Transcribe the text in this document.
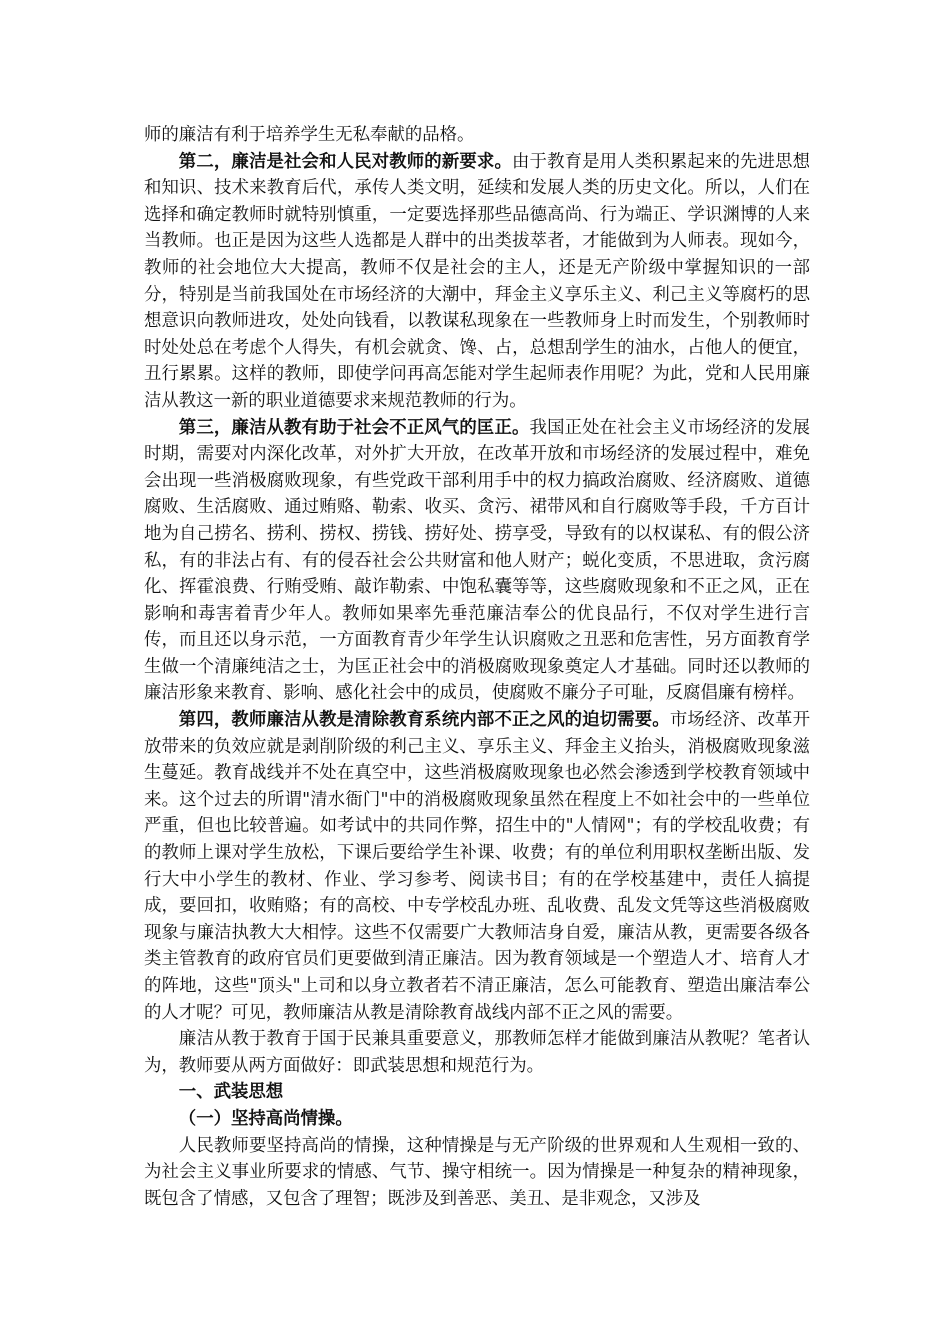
师的廉洁有利于培养学生无私奉献的品格。

第二，廉洁是社会和人民对教师的新要求。由于教育是用人类积累起来的先进思想和知识、技术来教育后代，承传人类文明，延续和发展人类的历史文化。所以，人们在选择和确定教师时就特别慎重，一定要选择那些品德高尚、行为端正、学识渊博的人来当教师。也正是因为这些人选都是人群中的出类拔萃者，才能做到为人师表。现如今，教师的社会地位大大提高，教师不仅是社会的主人，还是无产阶级中掌握知识的一部分，特别是当前我国处在市场经济的大潮中，拜金主义享乐主义、利己主义等腐朽的思想意识向教师进攻，处处向钱看，以教谋私现象在一些教师身上时而发生，个别教师时时处处总在考虑个人得失，有机会就贪、馋、占，总想刮学生的油水，占他人的便宜，丑行累累。这样的教师，即使学问再高怎能对学生起师表作用呢？为此，党和人民用廉洁从教这一新的职业道德要求来规范教师的行为。

第三，廉洁从教有助于社会不正风气的匡正。我国正处在社会主义市场经济的发展时期，需要对内深化改革，对外扩大开放，在改革开放和市场经济的发展过程中，难免会出现一些消极腐败现象，有些党政干部利用手中的权力搞政治腐败、经济腐败、道德腐败、生活腐败、通过贿赂、勒索、收买、贪污、裙带风和自行腐败等手段，千方百计地为自己捞名、捞利、捞权、捞钱、捞好处、捞享受，导致有的以权谋私、有的假公济私，有的非法占有、有的侵吞社会公共财富和他人财产；蜕化变质，不思进取，贪污腐化、挥霍浪费、行贿受贿、敲诈勒索、中饱私囊等等，这些腐败现象和不正之风，正在影响和毒害着青少年人。教师如果率先垂范廉洁奉公的优良品行，不仅对学生进行言传，而且还以身示范，一方面教育青少年学生认识腐败之丑恶和危害性，另方面教育学生做一个清廉纯洁之士，为匡正社会中的消极腐败现象奠定人才基础。同时还以教师的廉洁形象来教育、影响、感化社会中的成员，使腐败不廉分子可耻，反腐倡廉有榜样。

第四，教师廉洁从教是清除教育系统内部不正之风的迫切需要。市场经济、改革开放带来的负效应就是剥削阶级的利己主义、享乐主义、拜金主义抬头，消极腐败现象滋生蔓延。教育战线并不处在真空中，这些消极腐败现象也必然会渗透到学校教育领域中来。这个过去的所谓"清水衙门"中的消极腐败现象虽然在程度上不如社会中的一些单位严重，但也比较普遍。如考试中的共同作弊，招生中的"人情网"；有的学校乱收费；有的教师上课对学生放松，下课后要给学生补课、收费；有的单位利用职权垄断出版、发行大中小学生的教材、作业、学习参考、阅读书目；有的在学校基建中，责任人搞提成，要回扣，收贿赂；有的高校、中专学校乱办班、乱收费、乱发文凭等这些消极腐败现象与廉洁执教大大相悖。这些不仅需要广大教师洁身自爱，廉洁从教，更需要各级各类主管教育的政府官员们更要做到清正廉洁。因为教育领域是一个塑造人才、培育人才的阵地，这些"顶头"上司和以身立教者若不清正廉洁，怎么可能教育、塑造出廉洁奉公的人才呢？可见，教师廉洁从教是清除教育战线内部不正之风的需要。

廉洁从教于教育于国于民兼具重要意义，那教师怎样才能做到廉洁从教呢？笔者认为，教师要从两方面做好：即武装思想和规范行为。

一、武装思想

（一）坚持高尚情操。

人民教师要坚持高尚的情操，这种情操是与无产阶级的世界观和人生观相一致的、为社会主义事业所要求的情感、气节、操守相统一。因为情操是一种复杂的精神现象，既包含了情感，又包含了理智；既涉及到善恶、美丑、是非观念，又涉及
